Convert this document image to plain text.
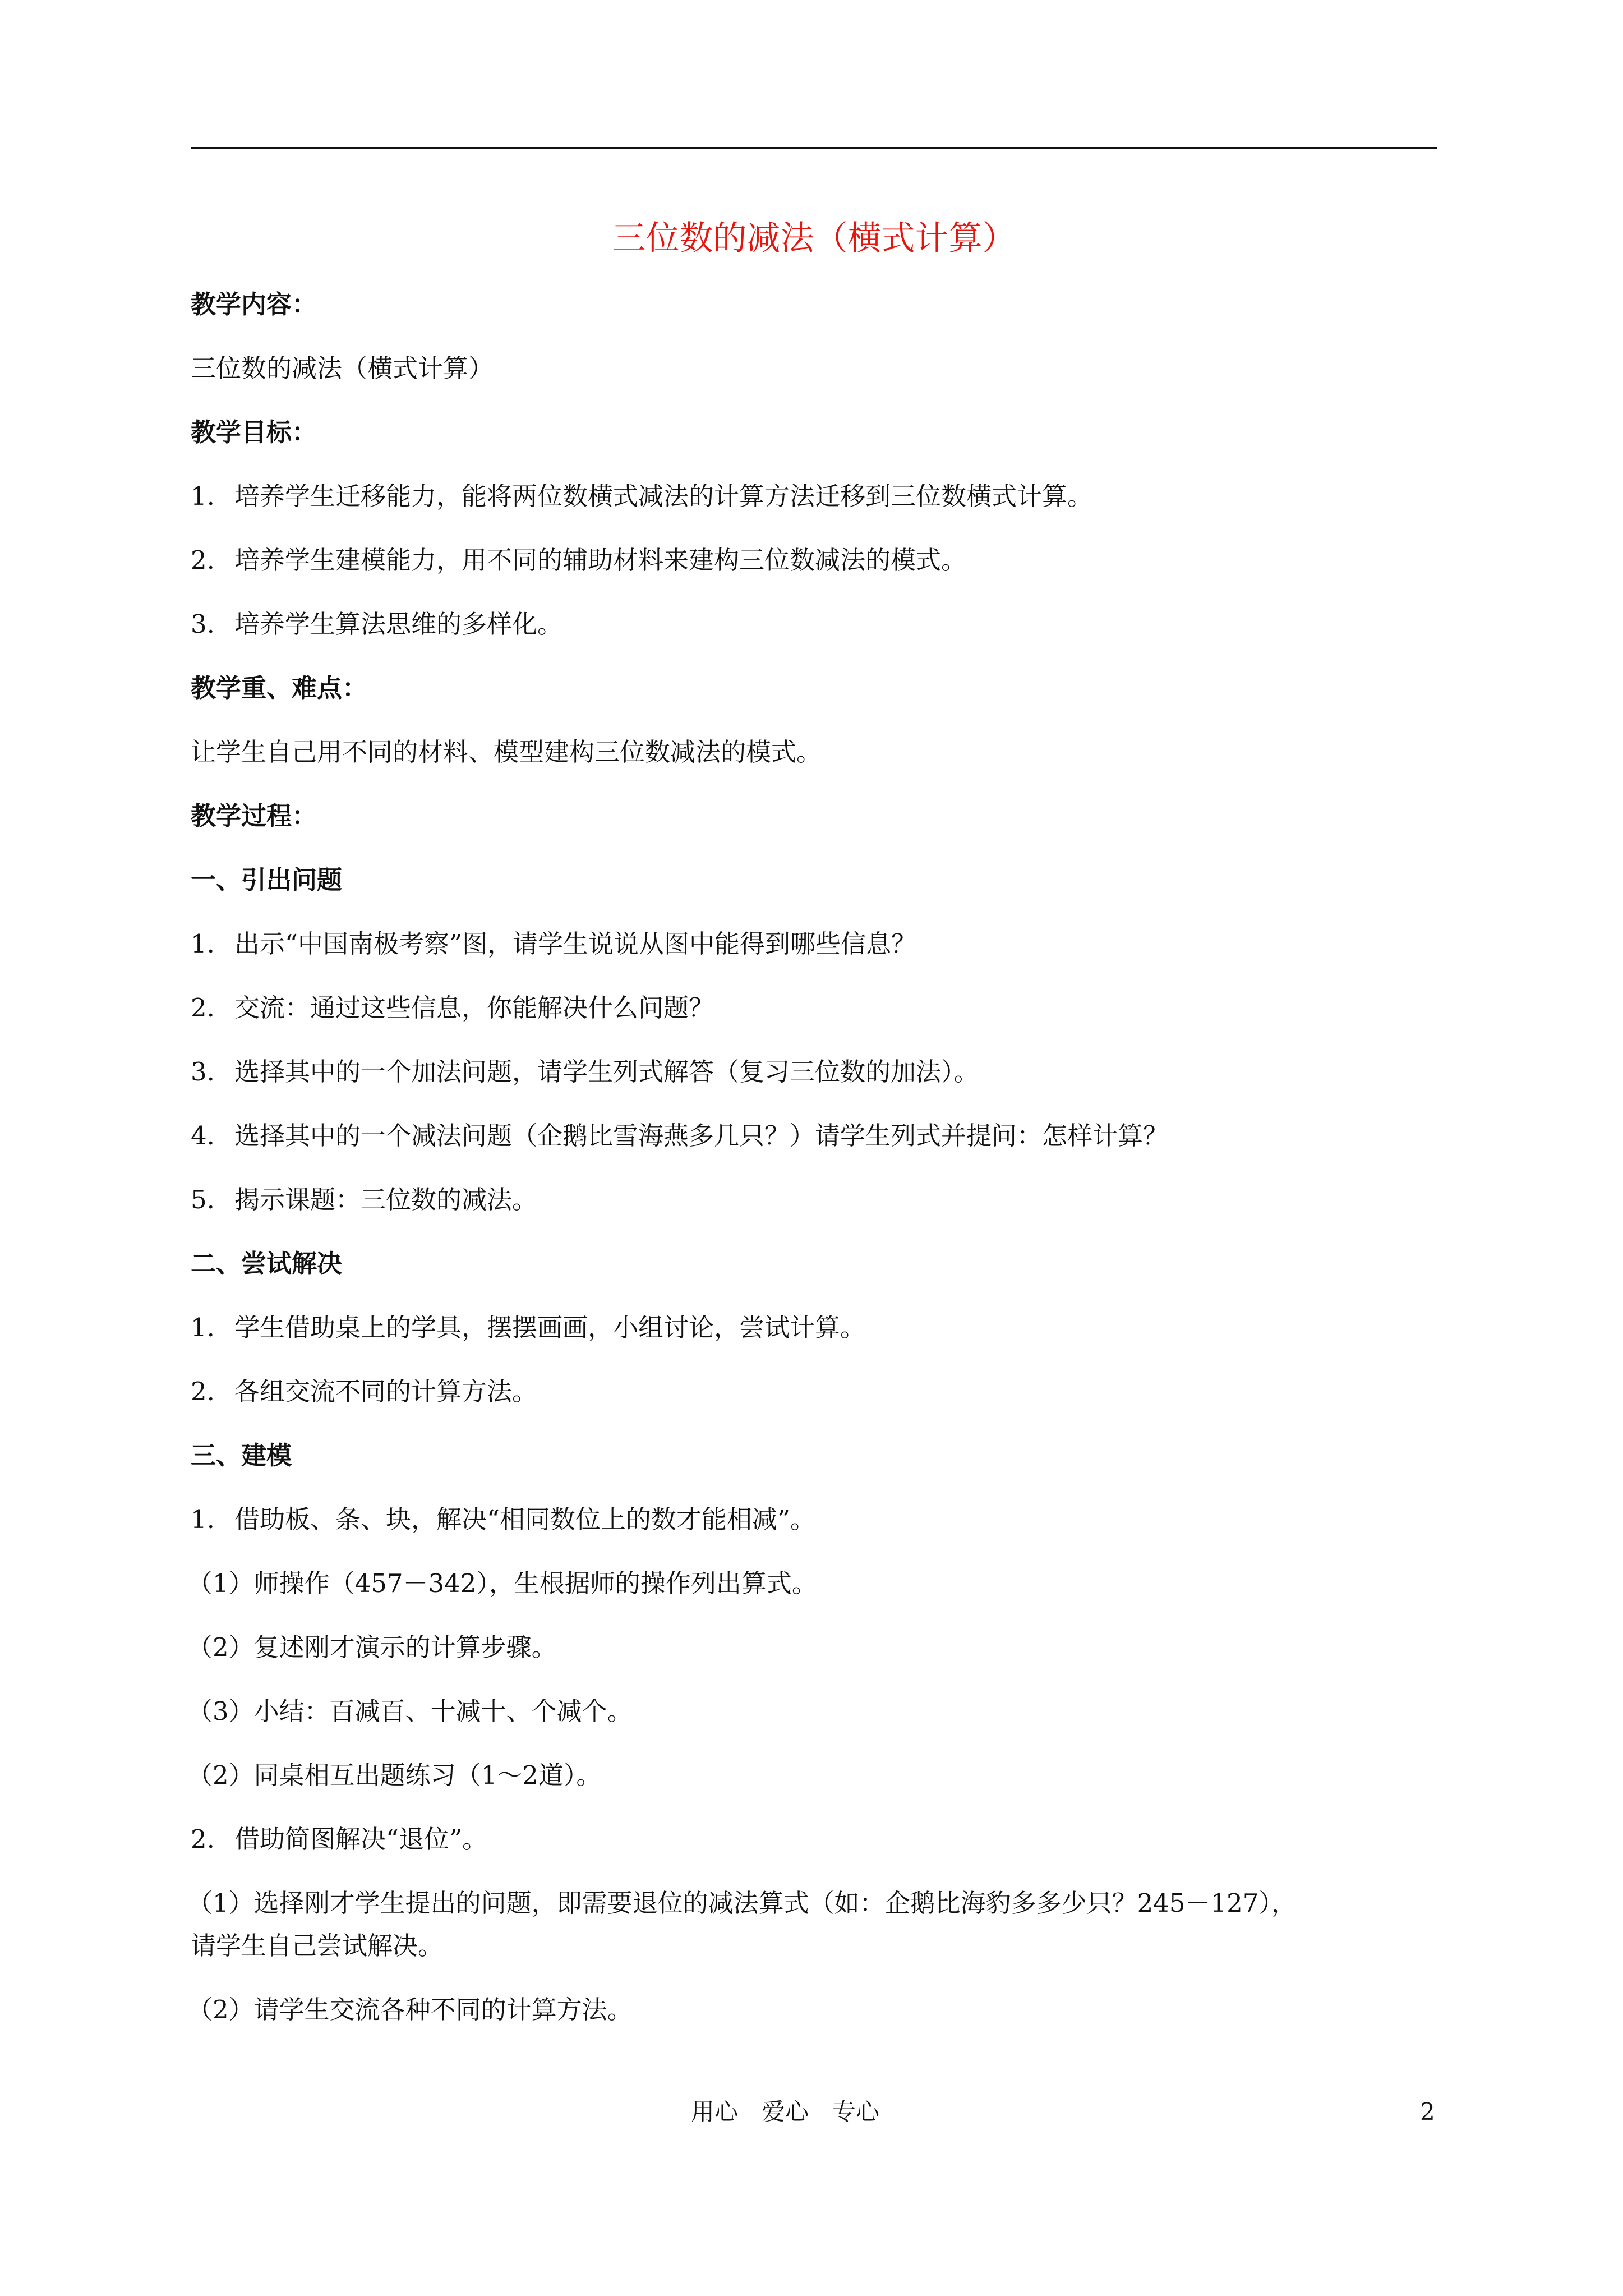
三位数的减法（横式计算）
教学内容：
三位数的减法（横式计算）
教学目标：
1. 培养学生迁移能力，能将两位数横式减法的计算方法迁移到三位数横式计算。
2. 培养学生建模能力，用不同的辅助材料来建构三位数减法的模式。
3. 培养学生算法思维的多样化。
教学重、难点：
让学生自己用不同的材料、模型建构三位数减法的模式。
教学过程：
一、引出问题
1. 出示“中国南极考察”图，请学生说说从图中能得到哪些信息？
2. 交流：通过这些信息，你能解决什么问题？
3. 选择其中的一个加法问题，请学生列式解答（复习三位数的加法）。
4. 选择其中的一个减法问题（企鹅比雪海燕多几只？）请学生列式并提问：怎样计算？
5. 揭示课题：三位数的减法。
二、尝试解决
1. 学生借助桌上的学具，摆摆画画，小组讨论，尝试计算。
2. 各组交流不同的计算方法。
三、建模
1. 借助板、条、块，解决“相同数位上的数才能相减”。
（1）师操作（457－342），生根据师的操作列出算式。
（2）复述刚才演示的计算步骤。
（3）小结：百减百、十减十、个减个。
（2）同桌相互出题练习（1～2道）。
2. 借助简图解决“退位”。
（1）选择刚才学生提出的问题，即需要退位的减法算式（如：企鹅比海豹多多少只？245－127），
请学生自己尝试解决。
（2）请学生交流各种不同的计算方法。
用心　爱心　专心	2
